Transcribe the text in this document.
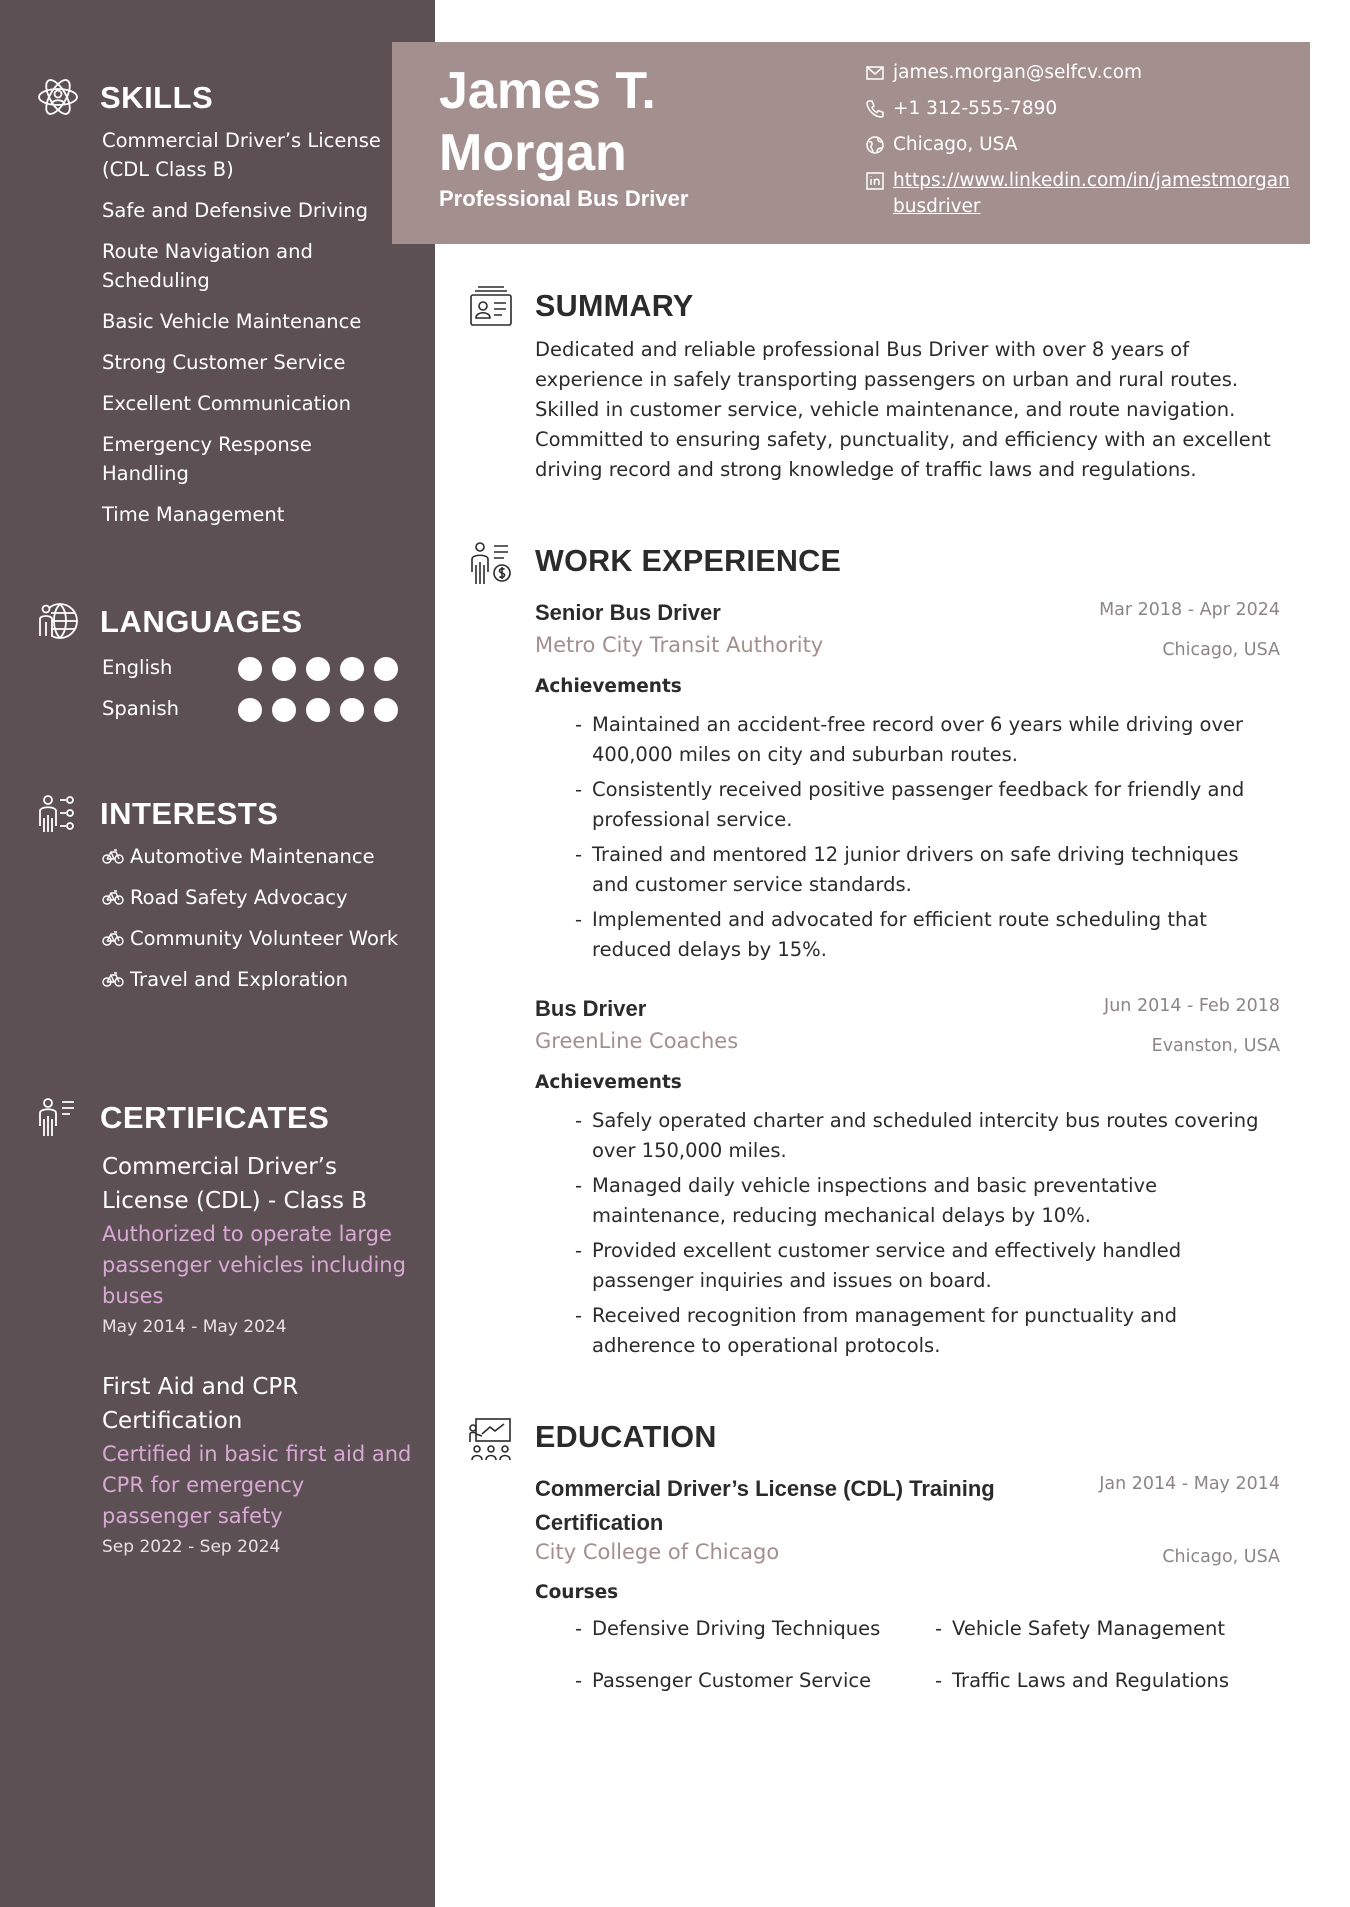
SKILLS
Commercial Driver’s License (CDL Class B)
Safe and Defensive Driving
Route Navigation and Scheduling
Basic Vehicle Maintenance
Strong Customer Service
Excellent Communication
Emergency Response Handling
Time Management
LANGUAGES
English
Spanish
INTERESTS
Automotive Maintenance
Road Safety Advocacy
Community Volunteer Work
Travel and Exploration
CERTIFICATES
Commercial Driver’s License (CDL) - Class B
Authorized to operate large passenger vehicles including buses
May 2014 - May 2024
First Aid and CPR Certification
Certified in basic first aid and CPR for emergency passenger safety
Sep 2022 - Sep 2024
James T.
Morgan
Professional Bus Driver
james.morgan@selfcv.com
+1 312-555-7890
Chicago, USA
https://www.linkedin.com/in/jamestmorganbusdriver
SUMMARY

Dedicated and reliable professional Bus Driver with over 8 years of experience in safely transporting passengers on urban and rural routes. Skilled in customer service, vehicle maintenance, and route navigation. Committed to ensuring safety, punctuality, and efficiency with an excellent driving record and strong knowledge of traffic laws and regulations.

WORK EXPERIENCE
Senior Bus Driver	Mar 2018 - Apr 2024
Metro City Transit Authority	Chicago, USA
Achievements
- Maintained an accident-free record over 6 years while driving over 400,000 miles on city and suburban routes.
- Consistently received positive passenger feedback for friendly and professional service.
- Trained and mentored 12 junior drivers on safe driving techniques and customer service standards.
- Implemented and advocated for efficient route scheduling that reduced delays by 15%.
Bus Driver	Jun 2014 - Feb 2018
GreenLine Coaches	Evanston, USA
Achievements
- Safely operated charter and scheduled intercity bus routes covering over 150,000 miles.
- Managed daily vehicle inspections and basic preventative maintenance, reducing mechanical delays by 10%.
- Provided excellent customer service and effectively handled passenger inquiries and issues on board.
- Received recognition from management for punctuality and adherence to operational protocols.
EDUCATION
Commercial Driver’s License (CDL) Training Certification
Jan 2014 - May 2014
City College of Chicago	Chicago, USA
Courses
- Defensive Driving Techniques	- Vehicle Safety Management
- Passenger Customer Service	- Traffic Laws and Regulations
